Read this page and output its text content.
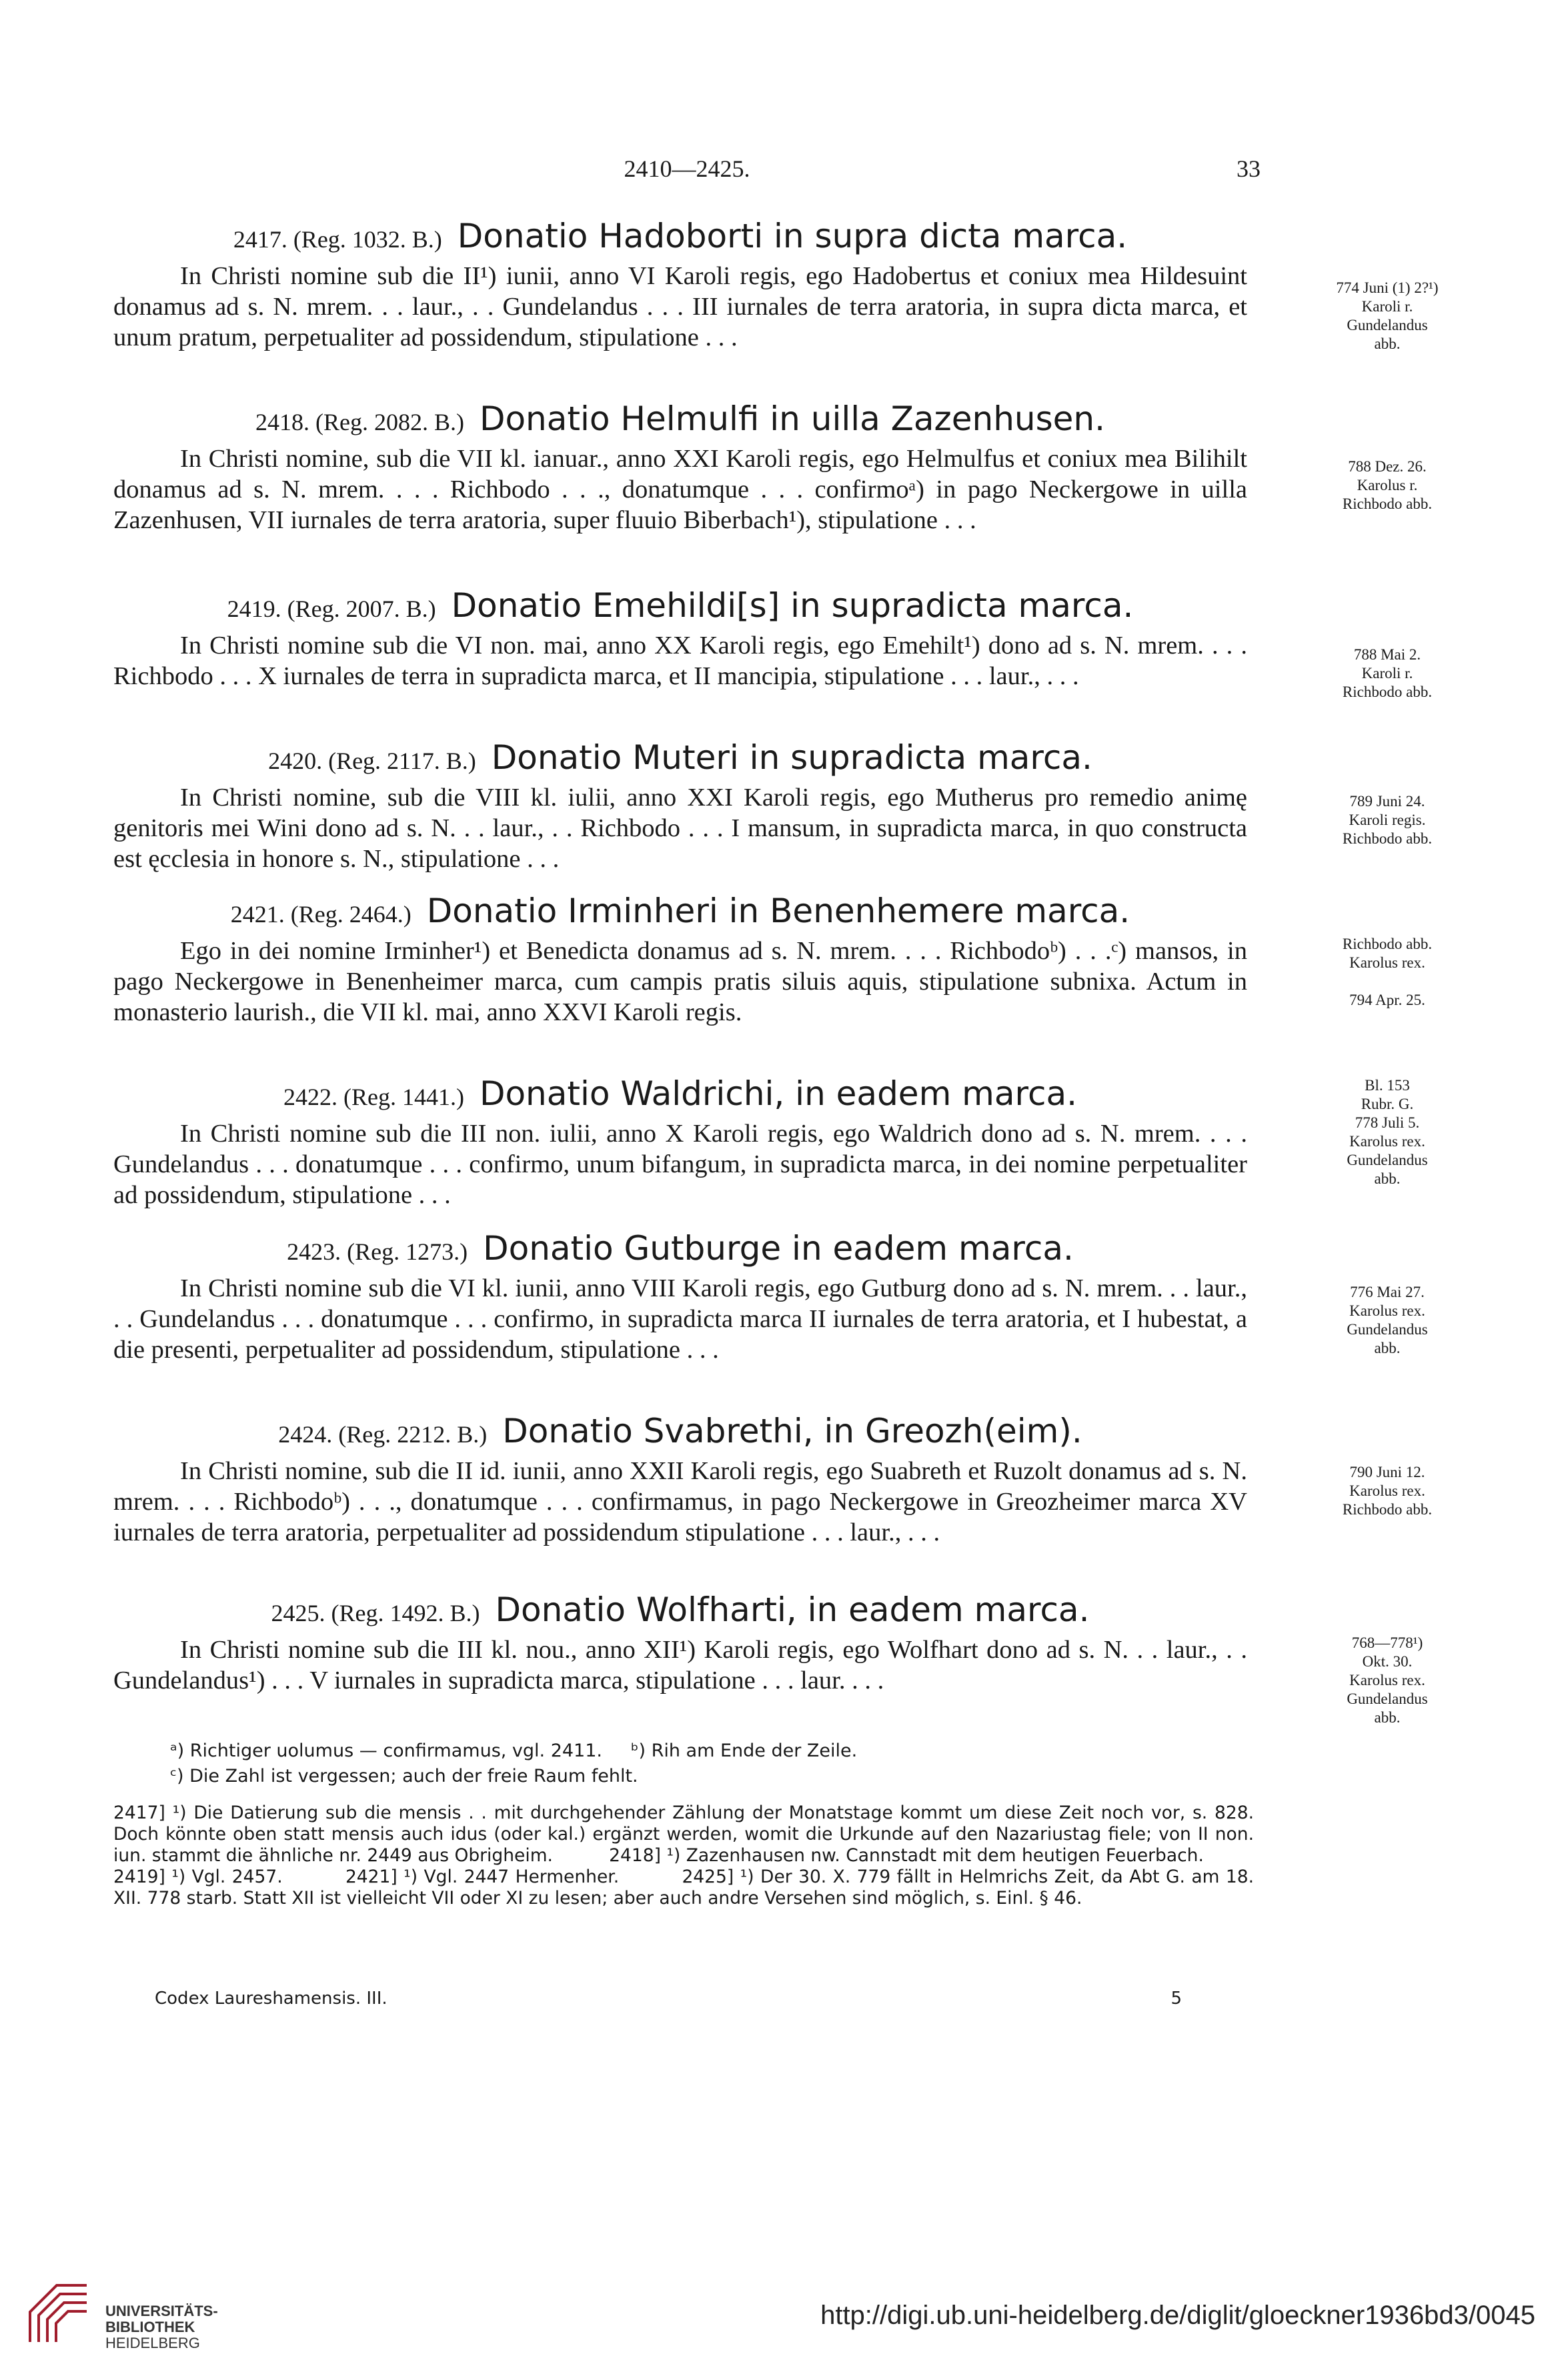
2410—2425.	33
2417. (Reg. 1032. B.) Donatio Hadoborti in supra dicta marca.
In Christi nomine sub die II¹) iunii, anno VI Karoli regis, ego Hadobertus et coniux mea Hildesuint donamus ad s. N. mrem. . . laur., . . Gundelandus . . . III iurnales de terra aratoria, in supra dicta marca, et unum pratum, perpetualiter ad possidendum, stipulatione . . .
774 Juni (1) 2?¹)
Karoli r.
Gundelandus
abb.
2418. (Reg. 2082. B.) Donatio Helmulfi in uilla Zazenhusen.
In Christi nomine, sub die VII kl. ianuar., anno XXI Karoli regis, ego Helmulfus et coniux mea Bilihilt donamus ad s. N. mrem. . . . Richbodo . . ., donatumque . . . confirmoᵃ) in pago Neckergowe in uilla Zazenhusen, VII iurnales de terra aratoria, super fluuio Biberbach¹), stipulatione . . .
788 Dez. 26.
Karolus r.
Richbodo abb.
2419. (Reg. 2007. B.) Donatio Emehildi[s] in supradicta marca.
In Christi nomine sub die VI non. mai, anno XX Karoli regis, ego Emehilt¹) dono ad s. N. mrem. . . . Richbodo . . . X iurnales de terra in supradicta marca, et II mancipia, stipulatione . . . laur., . . .
788 Mai 2.
Karoli r.
Richbodo abb.
2420. (Reg. 2117. B.) Donatio Muteri in supradicta marca.
In Christi nomine, sub die VIII kl. iulii, anno XXI Karoli regis, ego Mutherus pro remedio animę genitoris mei Wini dono ad s. N. . . laur., . . Richbodo . . . I mansum, in supradicta marca, in quo constructa est ęcclesia in honore s. N., stipulatione . . .
789 Juni 24.
Karoli regis.
Richbodo abb.
2421. (Reg. 2464.) Donatio Irminheri in Benenhemere marca.
Ego in dei nomine Irminher¹) et Benedicta donamus ad s. N. mrem. . . . Richbodoᵇ) . . .ᶜ) mansos, in pago Neckergowe in Benenheimer marca, cum campis pratis siluis aquis, stipulatione subnixa. Actum in monasterio laurish., die VII kl. mai, anno XXVI Karoli regis.
Richbodo abb.
Karolus rex.
794 Apr. 25.
2422. (Reg. 1441.) Donatio Waldrichi, in eadem marca.
In Christi nomine sub die III non. iulii, anno X Karoli regis, ego Waldrich dono ad s. N. mrem. . . . Gundelandus . . . donatumque . . . confirmo, unum bifangum, in supradicta marca, in dei nomine perpetualiter ad possidendum, stipulatione . . .
Bl. 153
Rubr. G.
778 Juli 5.
Karolus rex.
Gundelandus
abb.
2423. (Reg. 1273.) Donatio Gutburge in eadem marca.
In Christi nomine sub die VI kl. iunii, anno VIII Karoli regis, ego Gutburg dono ad s. N. mrem. . . laur., . . Gundelandus . . . donatumque . . . confirmo, in supradicta marca II iurnales de terra aratoria, et I hubestat, a die presenti, perpetualiter ad possidendum, stipulatione . . .
776 Mai 27.
Karolus rex.
Gundelandus
abb.
2424. (Reg. 2212. B.) Donatio Svabrethi, in Greozh(eim).
In Christi nomine, sub die II id. iunii, anno XXII Karoli regis, ego Suabreth et Ruzolt donamus ad s. N. mrem. . . . Richbodoᵇ) . . ., donatumque . . . confirmamus, in pago Neckergowe in Greozheimer marca XV iurnales de terra aratoria, perpetualiter ad possidendum stipulatione . . . laur., . . .
790 Juni 12.
Karolus rex.
Richbodo abb.
2425. (Reg. 1492. B.) Donatio Wolfharti, in eadem marca.
In Christi nomine sub die III kl. nou., anno XII¹) Karoli regis, ego Wolfhart dono ad s. N. . . laur., . . Gundelandus¹) . . . V iurnales in supradicta marca, stipulatione . . . laur. . . .
768—778¹)
Okt. 30.
Karolus rex.
Gundelandus
abb.
ᵃ) Richtiger uolumus — confirmamus, vgl. 2411.     ᵇ) Rih am Ende der Zeile.
ᶜ) Die Zahl ist vergessen; auch der freie Raum fehlt.
2417] ¹) Die Datierung sub die mensis . . mit durchgehender Zählung der Monatstage kommt um diese Zeit noch vor, s. 828. Doch könnte oben statt mensis auch idus (oder kal.) ergänzt werden, womit die Urkunde auf den Nazariustag fiele; von II non. iun. stammt die ähnliche nr. 2449 aus Obrigheim.          2418] ¹) Zazenhausen nw. Cannstadt mit dem heutigen Feuerbach.
2419] ¹) Vgl. 2457.          2421] ¹) Vgl. 2447 Hermenher.          2425] ¹) Der 30. X. 779 fällt in Helmrichs Zeit, da Abt G. am 18. XII. 778 starb. Statt XII ist vielleicht VII oder XI zu lesen; aber auch andre Versehen sind möglich, s. Einl. § 46.
Codex Laureshamensis. III.	5
UNIVERSITÄTS-
BIBLIOTHEK
HEIDELBERG
http://digi.ub.uni-heidelberg.de/diglit/gloeckner1936bd3/0045
